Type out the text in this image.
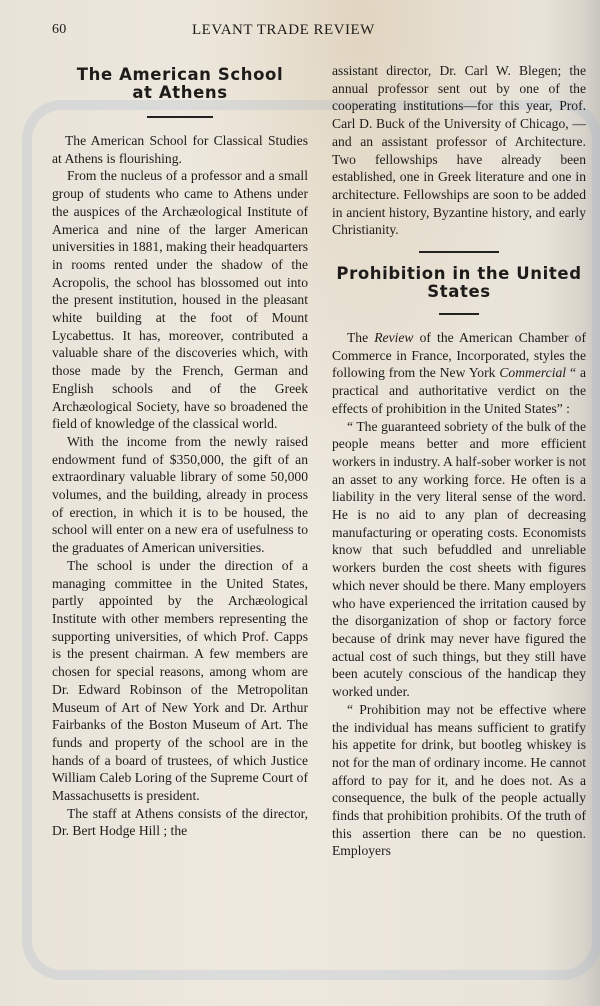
60	LEVANT TRADE REVIEW
The American School
at Athens

The American School for Classical Studies at Athens is flourishing.

From the nucleus of a professor and a small group of students who came to Athens under the auspices of the Archæological Institute of America and nine of the larger American universities in 1881, making their headquarters in rooms rented under the shadow of the Acropolis, the school has blossomed out into the present institution, housed in the pleasant white building at the foot of Mount Lycabettus. It has, moreover, contributed a valuable share of the discoveries which, with those made by the French, German and English schools and of the Greek Archæological Society, have so broadened the field of knowledge of the classical world.

With the income from the newly raised endowment fund of $350,000, the gift of an extraordinary valuable library of some 50,000 volumes, and the building, already in process of erection, in which it is to be housed, the school will enter on a new era of usefulness to the graduates of American universities.

The school is under the direction of a managing committee in the United States, partly appointed by the Archæological Institute with other members representing the supporting universities, of which Prof. Capps is the present chairman. A few members are chosen for special reasons, among whom are Dr. Edward Robinson of the Metropolitan Museum of Art of New York and Dr. Arthur Fairbanks of the Boston Museum of Art. The funds and property of the school are in the hands of a board of trustees, of which Justice William Caleb Loring of the Supreme Court of Massachusetts is president.

The staff at Athens consists of the director, Dr. Bert Hodge Hill ; the

assistant director, Dr. Carl W. Blegen; the annual professor sent out by one of the cooperating institutions—for this year, Prof. Carl D. Buck of the University of Chicago, — and an assistant professor of Architecture. Two fellowships have already been established, one in Greek literature and one in architecture. Fellowships are soon to be added in ancient history, Byzantine history, and early Christianity.

Prohibition in the United
States

The Review of the American Chamber of Commerce in France, Incorporated, styles the following from the New York Commercial “ a practical and authoritative verdict on the effects of prohibition in the United States” :

“ The guaranteed sobriety of the bulk of the people means better and more efficient workers in industry. A half-sober worker is not an asset to any working force. He often is a liability in the very literal sense of the word. He is no aid to any plan of decreasing manufacturing or operating costs. Economists know that such befuddled and unreliable workers burden the cost sheets with figures which never should be there. Many employers who have experienced the irritation caused by the disorganization of shop or factory force because of drink may never have figured the actual cost of such things, but they still have been acutely conscious of the handicap they worked under.

“ Prohibition may not be effective where the individual has means sufficient to gratify his appetite for drink, but bootleg whiskey is not for the man of ordinary income. He cannot afford to pay for it, and he does not. As a consequence, the bulk of the people actually finds that prohibition prohibits. Of the truth of this assertion there can be no question. Employers
